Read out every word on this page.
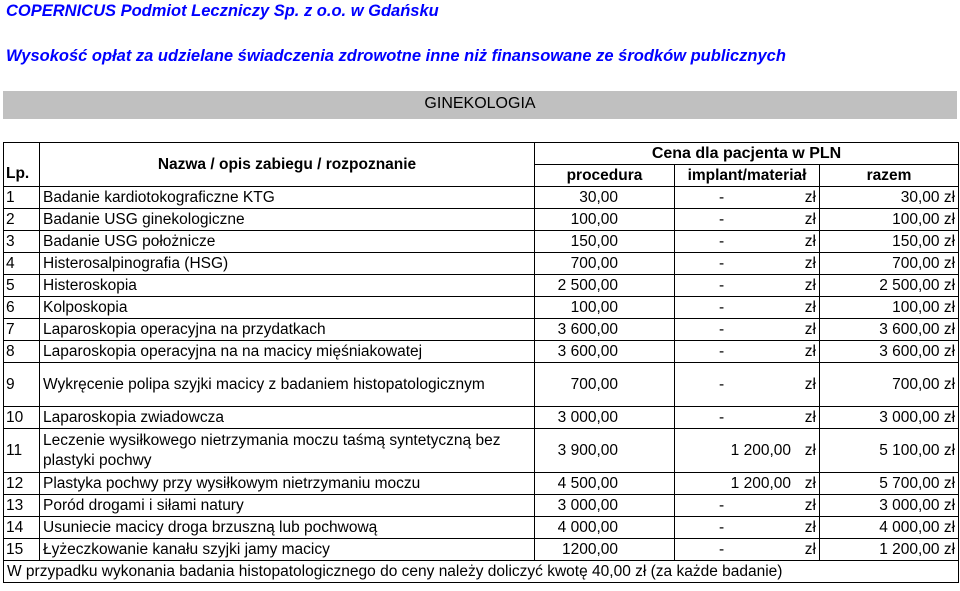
COPERNICUS Podmiot Leczniczy Sp. z o.o. w Gdańsku
Wysokość opłat za udzielane świadczenia zdrowotne inne niż finansowane ze środków publicznych
GINEKOLOGIA
Lp.	Nazwa / opis zabiegu / rozpoznanie	Cena dla pacjenta w PLN		
		procedura	implant/materiał	razem
1	Badanie kardiotokograficzne KTG	30,00	- zł	30,00 zł
2	Badanie USG ginekologiczne	100,00	- zł	100,00 zł
3	Badanie USG położnicze	150,00	- zł	150,00 zł
4	Histerosalpinografia (HSG)	700,00	- zł	700,00 zł
5	Histeroskopia	2 500,00	- zł	2 500,00 zł
6	Kolposkopia	100,00	- zł	100,00 zł
7	Laparoskopia operacyjna na przydatkach	3 600,00	- zł	3 600,00 zł
8	Laparoskopia operacyjna na na macicy mięśniakowatej	3 600,00	- zł	3 600,00 zł
9	Wykręcenie polipa szyjki macicy z badaniem histopatologicznym	700,00	- zł	700,00 zł
10	Laparoskopia zwiadowcza	3 000,00	- zł	3 000,00 zł
11	Leczenie wysiłkowego nietrzymania moczu taśmą syntetyczną bez plastyki pochwy	3 900,00	1 200,00 zł	5 100,00 zł
12	Plastyka pochwy przy wysiłkowym nietrzymaniu moczu	4 500,00	1 200,00 zł	5 700,00 zł
13	Poród drogami i siłami natury	3 000,00	- zł	3 000,00 zł
14	Usuniecie macicy droga brzuszną lub pochwową	4 000,00	- zł	4 000,00 zł
15	Łyżeczkowanie kanału szyjki jamy macicy	1200,00	- zł	1 200,00 zł
W przypadku wykonania badania histopatologicznego do ceny należy doliczyć kwotę 40,00 zł (za każde badanie)				
